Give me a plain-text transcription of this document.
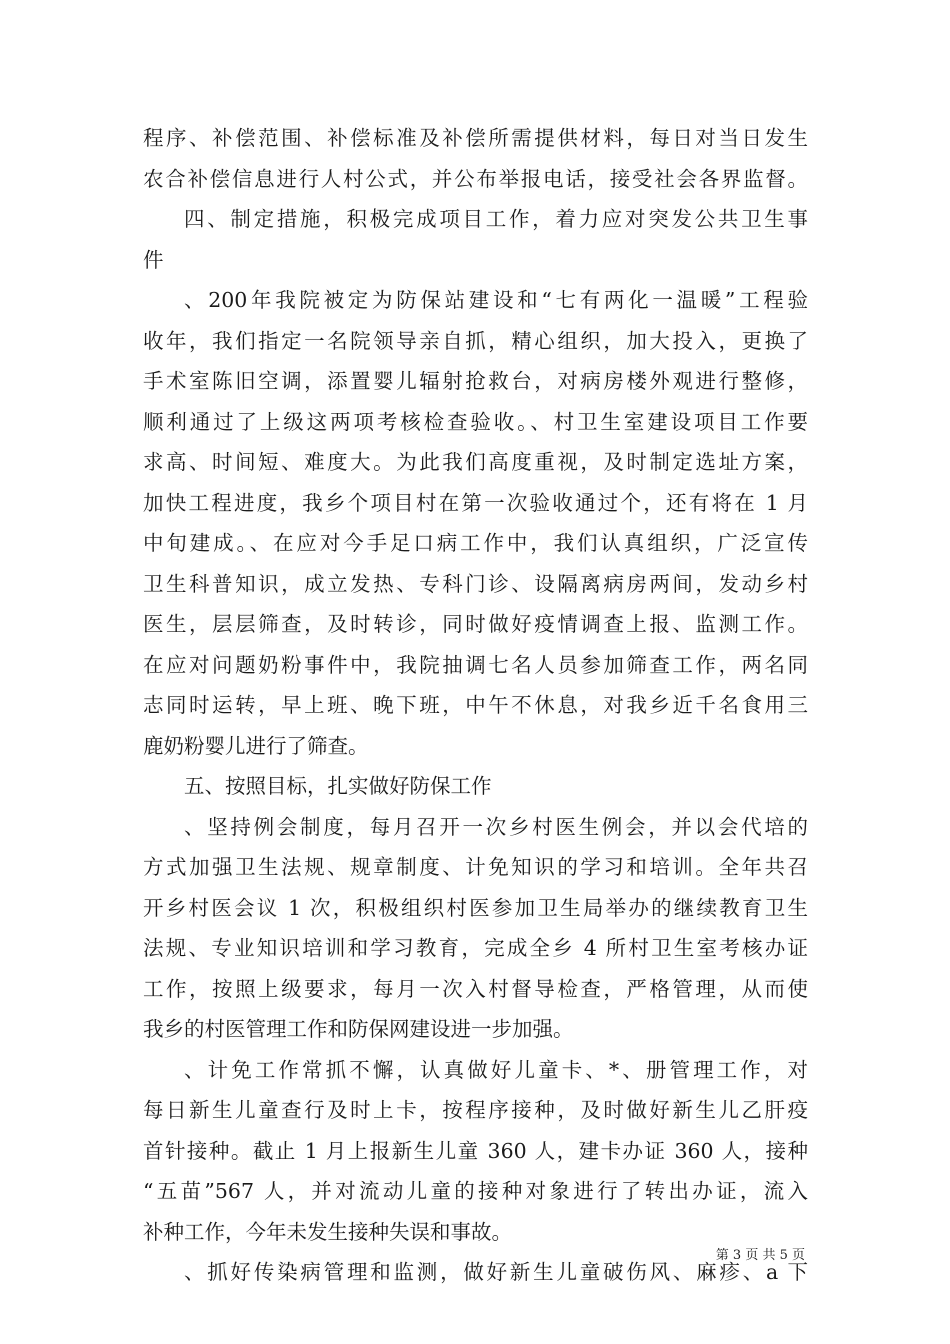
程序、补偿范围、补偿标准及补偿所需提供材料，每日对当日发生
农合补偿信息进行人村公式，并公布举报电话，接受社会各界监督。
四、制定措施，积极完成项目工作，着力应对突发公共卫生事
件
、200年我院被定为防保站建设和“七有两化一温暖”工程验
收年，我们指定一名院领导亲自抓，精心组织，加大投入，更换了
手术室陈旧空调，添置婴儿辐射抢救台，对病房楼外观进行整修，
顺利通过了上级这两项考核检查验收。、村卫生室建设项目工作要
求高、时间短、难度大。为此我们高度重视，及时制定选址方案，
加快工程进度，我乡个项目村在第一次验收通过个，还有将在 1 月
中旬建成。、在应对今手足口病工作中，我们认真组织，广泛宣传
卫生科普知识，成立发热、专科门诊、设隔离病房两间，发动乡村
医生，层层筛查，及时转诊，同时做好疫情调查上报、监测工作。
在应对问题奶粉事件中，我院抽调七名人员参加筛查工作，两名同
志同时运转，早上班、晚下班，中午不休息，对我乡近千名食用三
鹿奶粉婴儿进行了筛查。
五、按照目标，扎实做好防保工作
、坚持例会制度，每月召开一次乡村医生例会，并以会代培的
方式加强卫生法规、规章制度、计免知识的学习和培训。全年共召
开乡村医会议 1 次，积极组织村医参加卫生局举办的继续教育卫生
法规、专业知识培训和学习教育，完成全乡 4 所村卫生室考核办证
工作，按照上级要求，每月一次入村督导检查，严格管理，从而使
我乡的村医管理工作和防保网建设进一步加强。
、计免工作常抓不懈，认真做好儿童卡、*、册管理工作，对
每日新生儿童查行及时上卡，按程序接种，及时做好新生儿乙肝疫
首针接种。截止 1 月上报新生儿童 360 人，建卡办证 360 人，接种
“五苗”567 人，并对流动儿童的接种对象进行了转出办证，流入
补种工作，今年未发生接种失误和事故。
、抓好传染病管理和监测，做好新生儿童破伤风、麻疹、a 下
第 3 页 共 5 页
